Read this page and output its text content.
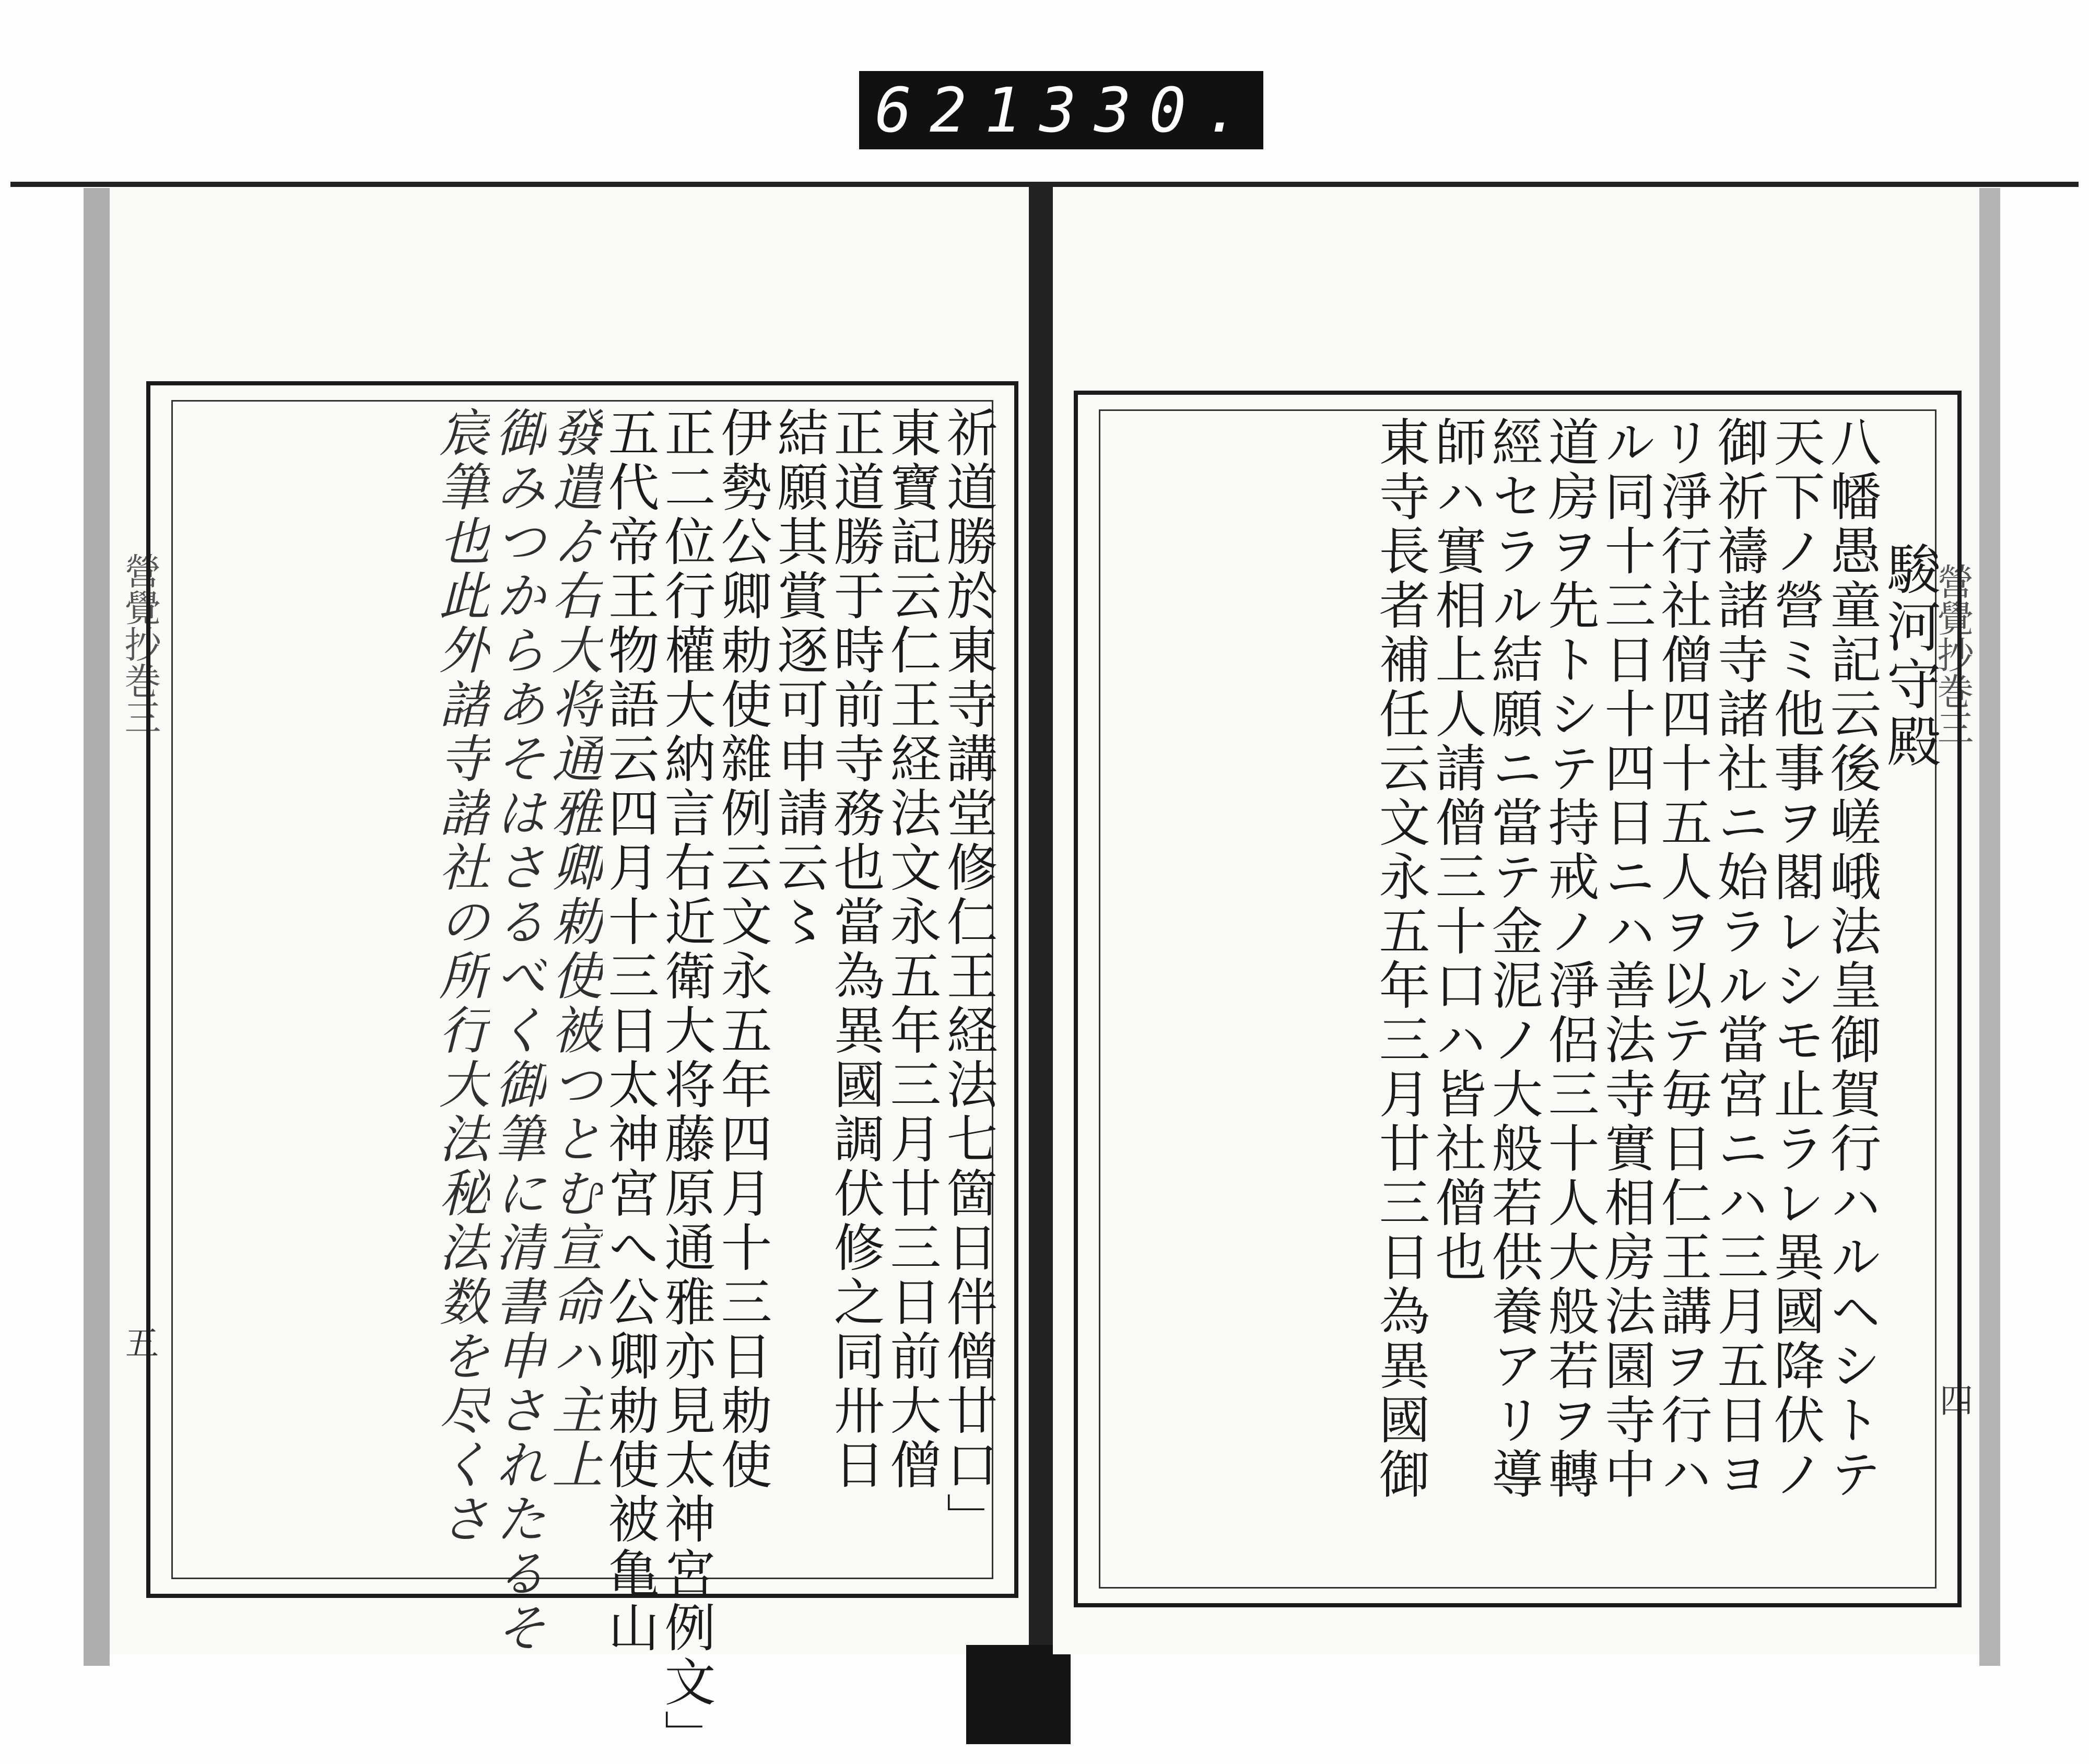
621 330.
營覺抄巻三
五	祈道勝於東寺講堂修仁王経法七箇日伴僧廿口」
東寶記云仁王経法文永五年三月廿三日前大僧
正道勝于時前寺務也當為異國調伏修之同卅日
結願其賞逐可申請云〻
伊勢公卿勅使雜例云文永五年四月十三日勅使
正二位行權大納言右近衛大将藤原通雅亦見太神宮例文」
五代帝王物語云四月十三日太神宮へ公卿勅使被亀山
發遣ゟ右大将通雅卿勅使被つとむ宣命ハ主上
御みつからあそはさるべく御筆に清書申されたるそ
宸筆也此外諸寺諸社の所行大法秘法数を尽くさ	營覺抄巻三
四
駿河守殿
八幡愚童記云後嵯峨法皇御賀行ハルヘシトテ
天下ノ營ミ他事ヲ閣レシモ止ラレ異國降伏ノ
御祈禱諸寺諸社ニ始ラル當宮ニハ三月五日ヨ
リ淨行社僧四十五人ヲ以テ毎日仁王講ヲ行ハ
ル同十三日十四日ニハ善法寺實相房法園寺中
道房ヲ先トシテ持戒ノ淨侶三十人大般若ヲ轉
經セラル結願ニ當テ金泥ノ大般若供養アリ導
師ハ實相上人請僧三十口ハ皆社僧也
東寺長者補任云文永五年三月廿三日為異國御
